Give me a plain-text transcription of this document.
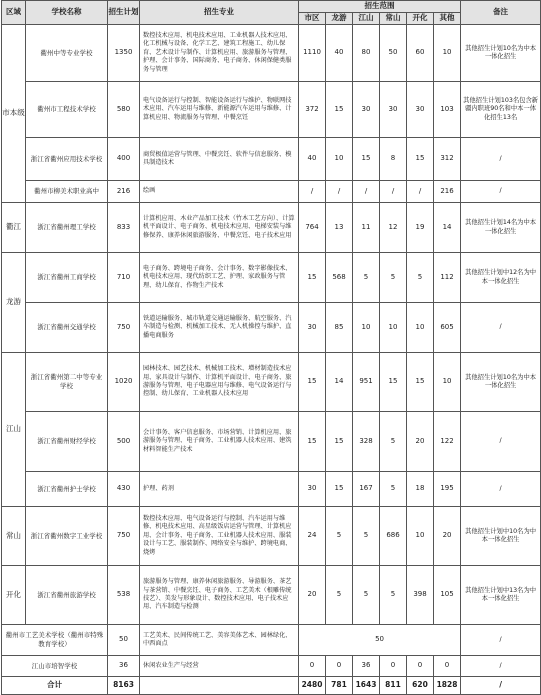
区域	学校名称	招生计划	招生专业	招生范围						备注
				市区	龙游	江山	常山	开化	其他	
市本级	衢州中等专业学校	1350	数控技术应用、机电技术应用、工业机器人技术应用、化工机械与设备、化学工艺、建筑工程施工、幼儿保育、艺术设计与制作、计算机应用、旅游服务与管理、护理、会计事务、国际商务、电子商务、休闲保健类服务与管理	1110	40	80	50	60	10	其他招生计划10名为中本一体化招生
	衢州市工程技术学校	580	电气设备运行与控制、智能设备运行与维护、物联网技术应用、汽车运用与维修、新能源汽车运用与维修、计算机应用、物流服务与管理、中餐烹饪	372	15	30	30	30	103	其他招生计划103名包含新疆内职班90名和中本一体化招生13名
	浙江省衢州应用技术学校	400	商贸极值运营与管理、中餐烹饪、软件与信息服务、模具制造技术	40	10	15	8	15	312	/
	衢州市柳美术职业高中	216	绘画	/	/	/	/	/	216	/
衢江	浙江省衢州理工学校	833	计算机应用、木业产品加工技术（竹木工艺方向）、计算机平面设计、电子商务、机电技术应用、电梯安装与维修保养、康养休闲旅游服务、中餐烹饪、电子技术应用	764	13	11	12	19	14	其他招生计划14名为中本一体化招生
龙游	浙江省衢州工商学校	710	电子商务、跨境电子商务、会计事务、数字影像技术、机电技术应用、现代纺织工艺、护理、家政服务与管理、幼儿保育、作物生产技术	15	568	5	5	5	112	其他招生计划中12名为中本一体化招生
	浙江省衢州交通学校	750	铁道运输服务、城市轨道交通运输服务、航空服务、汽车制造与检测、机械加工技术、无人机操控与维护、直播电商服务	30	85	10	10	10	605	/
江山	浙江省衢州第二中等专业学校	1020	园林技术、园艺技术、机械加工技术、增材制造技术应用、家具设计与制作、计算机平面设计、电子商务、旅游服务与管理、电子电器应用与维修、电气设备运行与控制、幼儿保育、工业机器人技术应用	15	14	951	15	15	10	其他招生计划10名为中本一体化招生
	浙江省衢州财经学校	500	会计事务、客户信息服务、市场营销、计算机应用、旅游服务与管理、电子商务、工业机器人技术应用、建筑材料智能生产技术	15	15	328	5	20	122	/
	浙江省衢州护士学校	430	护理、药剂	30	15	167	5	18	195	/
常山	浙江省衢州数字工业学校	750	数控技术应用、电气设备运行与控制、汽车运用与维修、机电技术应用、高星级饭店运营与管理、计算机应用、会计事务、电子商务、工业机器人技术应用、服装设计与工艺、服装制作、网络安全与维护、跨境电商、烧烤	24	5	5	686	10	20	其他招生计划中10名为中本一体化招生
开化	浙江省衢州旅游学校	538	旅游服务与管理、康养休闲旅游服务、导游服务、茶艺与茶营销、中餐烹饪、电子商务、工艺美术（根雕传统技艺）、美发与形象设计、数控技术应用、电子技术应用、汽车制造与检测	20	5	5	5	398	105	其他招生计划中13名为中本一体化招生
衢州市工艺美术学校（衢州市特殊教育学校）		50	工艺美术、民间传统工艺、美容美体艺术、园林绿化、中西面点	50						/
江山市培智学校		36	休闲农业生产与经营	0	0	36	0	0	0	/
合计		8163		2480	781	1643	811	620	1828	/
